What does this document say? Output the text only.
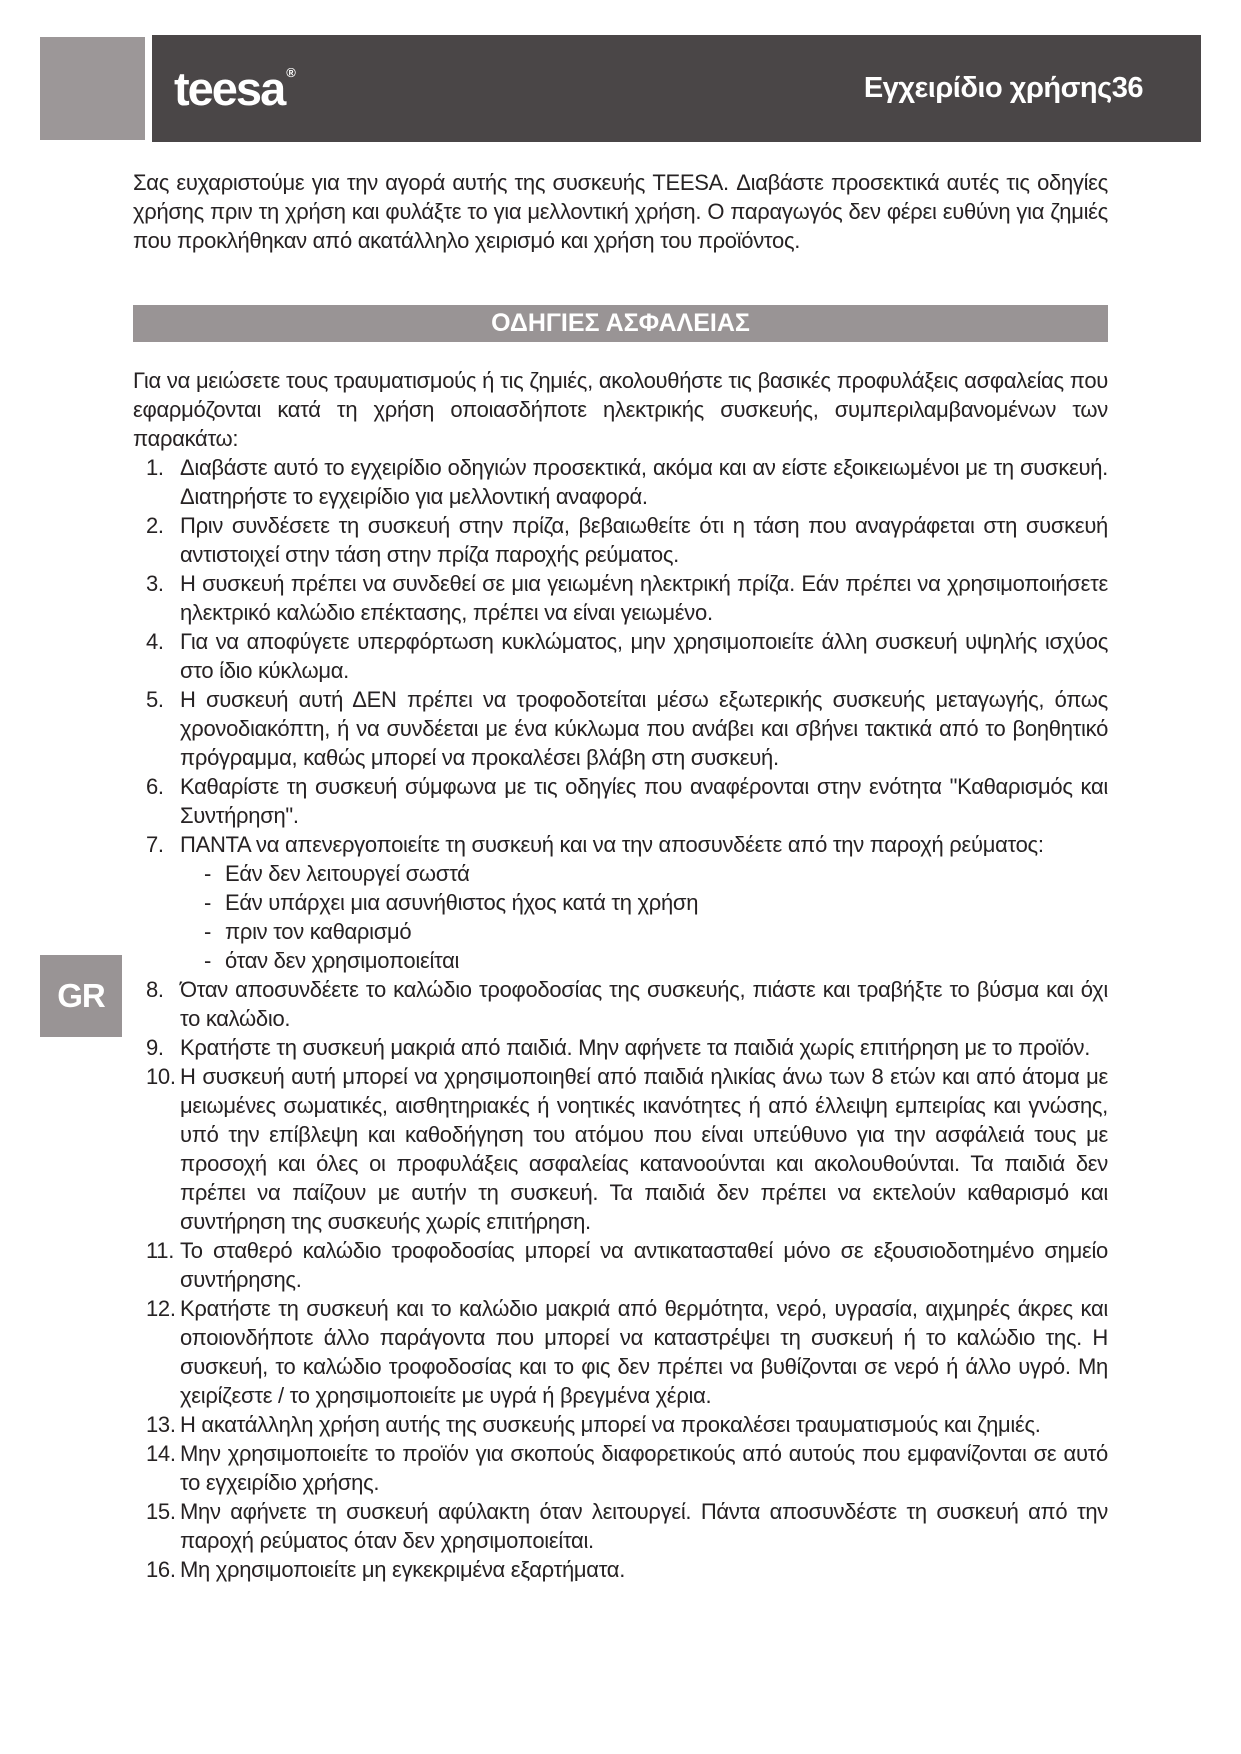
teesa ®	Εγχειρίδιο χρήσης36
GR

Σας ευχαριστούμε για την αγορά αυτής της συσκευής TEESA. Διαβάστε προσεκτικά αυτές τις οδηγίες χρήσης πριν τη χρήση και φυλάξτε το για μελλοντική χρήση. Ο παραγωγός δεν φέρει ευθύνη για ζημιές που προκλήθηκαν από ακατάλληλο χειρισμό και χρήση του προϊόντος.

ΟΔΗΓΙΕΣ ΑΣΦΑΛΕΙΑΣ

Για να μειώσετε τους τραυματισμούς ή τις ζημιές, ακολουθήστε τις βασικές προφυλάξεις ασφαλείας που εφαρμόζονται κατά τη χρήση οποιασδήποτε ηλεκτρικής συσκευής, συμπεριλαμβανομένων των παρακάτω:

1. Διαβάστε αυτό το εγχειρίδιο οδηγιών προσεκτικά, ακόμα και αν είστε εξοικειωμένοι με τη συσκευή. Διατηρήστε το εγχειρίδιο για μελλοντική αναφορά.
2. Πριν συνδέσετε τη συσκευή στην πρίζα, βεβαιωθείτε ότι η τάση που αναγράφεται στη συσκευή αντιστοιχεί στην τάση στην πρίζα παροχής ρεύματος.
3. Η συσκευή πρέπει να συνδεθεί σε μια γειωμένη ηλεκτρική πρίζα. Εάν πρέπει να χρησιμοποιήσετε ηλεκτρικό καλώδιο επέκτασης, πρέπει να είναι γειωμένο.
4. Για να αποφύγετε υπερφόρτωση κυκλώματος, μην χρησιμοποιείτε άλλη συσκευή υψηλής ισχύος στο ίδιο κύκλωμα.
5. Η συσκευή αυτή ΔΕΝ πρέπει να τροφοδοτείται μέσω εξωτερικής συσκευής μεταγωγής, όπως χρονοδιακόπτη, ή να συνδέεται με ένα κύκλωμα που ανάβει και σβήνει τακτικά από το βοηθητικό πρόγραμμα, καθώς μπορεί να προκαλέσει βλάβη στη συσκευή.
6. Καθαρίστε τη συσκευή σύμφωνα με τις οδηγίες που αναφέρονται στην ενότητα "Καθαρισμός και Συντήρηση".
7. ΠΑΝΤΑ να απενεργοποιείτε τη συσκευή και να την αποσυνδέετε από την παροχή ρεύματος:
- Εάν δεν λειτουργεί σωστά
- Εάν υπάρχει μια ασυνήθιστος ήχος κατά τη χρήση
- πριν τον καθαρισμό
- όταν δεν χρησιμοποιείται
8. Όταν αποσυνδέετε το καλώδιο τροφοδοσίας της συσκευής, πιάστε και τραβήξτε το βύσμα και όχι το καλώδιο.
9. Κρατήστε τη συσκευή μακριά από παιδιά. Μην αφήνετε τα παιδιά χωρίς επιτήρηση με το προϊόν.
10. Η συσκευή αυτή μπορεί να χρησιμοποιηθεί από παιδιά ηλικίας άνω των 8 ετών και από άτομα με μειωμένες σωματικές, αισθητηριακές ή νοητικές ικανότητες ή από έλλειψη εμπειρίας και γνώσης, υπό την επίβλεψη και καθοδήγηση του ατόμου που είναι υπεύθυνο για την ασφάλειά τους με προσοχή και όλες οι προφυλάξεις ασφαλείας κατανοούνται και ακολουθούνται. Τα παιδιά δεν πρέπει να παίζουν με αυτήν τη συσκευή. Τα παιδιά δεν πρέπει να εκτελούν καθαρισμό και συντήρηση της συσκευής χωρίς επιτήρηση.
11. Το σταθερό καλώδιο τροφοδοσίας μπορεί να αντικατασταθεί μόνο σε εξουσιοδοτημένο σημείο συντήρησης.
12. Κρατήστε τη συσκευή και το καλώδιο μακριά από θερμότητα, νερό, υγρασία, αιχμηρές άκρες και οποιονδήποτε άλλο παράγοντα που μπορεί να καταστρέψει τη συσκευή ή το καλώδιο της. Η συσκευή, το καλώδιο τροφοδοσίας και το φις δεν πρέπει να βυθίζονται σε νερό ή άλλο υγρό. Μη χειρίζεστε / το χρησιμοποιείτε με υγρά ή βρεγμένα χέρια.
13. Η ακατάλληλη χρήση αυτής της συσκευής μπορεί να προκαλέσει τραυματισμούς και ζημιές.
14. Μην χρησιμοποιείτε το προϊόν για σκοπούς διαφορετικούς από αυτούς που εμφανίζονται σε αυτό το εγχειρίδιο χρήσης.
15. Μην αφήνετε τη συσκευή αφύλακτη όταν λειτουργεί. Πάντα αποσυνδέστε τη συσκευή από την παροχή ρεύματος όταν δεν χρησιμοποιείται.
16. Μη χρησιμοποιείτε μη εγκεκριμένα εξαρτήματα.
